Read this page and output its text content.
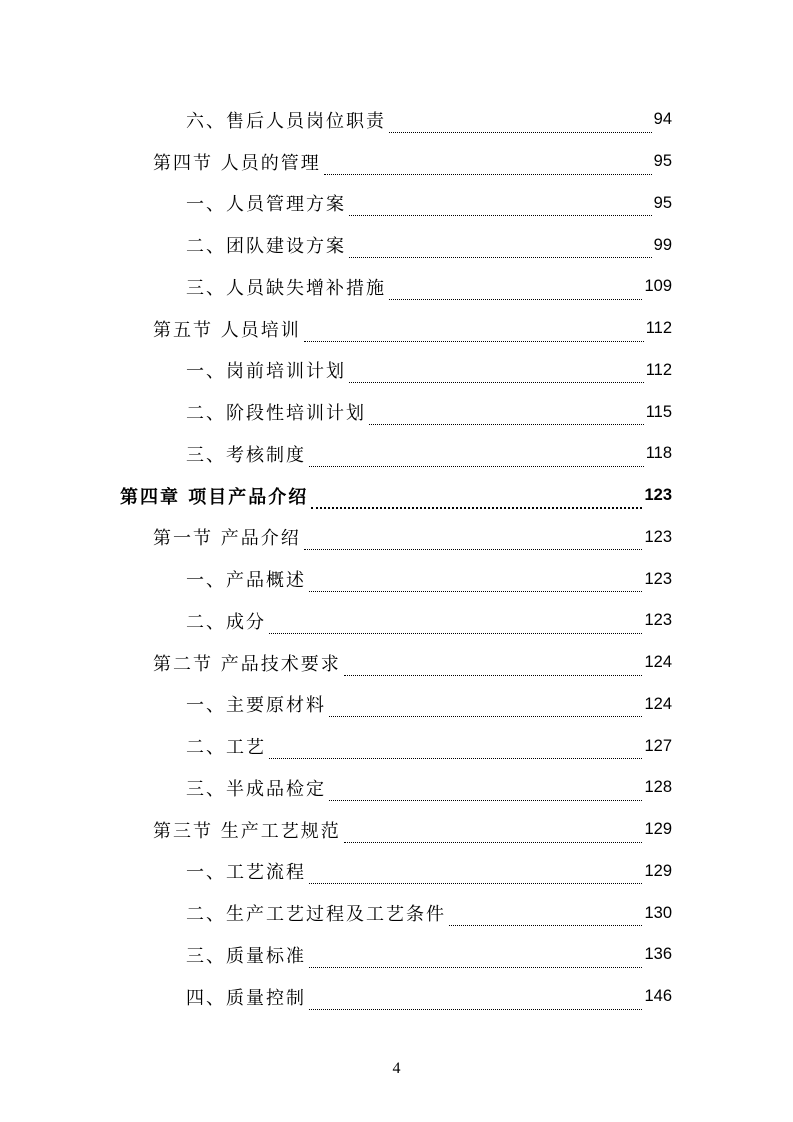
六、售后人员岗位职责	94
第四节 人员的管理	95
一、人员管理方案	95
二、团队建设方案	99
三、人员缺失增补措施	109
第五节 人员培训	112
一、岗前培训计划	112
二、阶段性培训计划	115
三、考核制度	118
第四章 项目产品介绍	123
第一节 产品介绍	123
一、产品概述	123
二、成分	123
第二节 产品技术要求	124
一、主要原材料	124
二、工艺	127
三、半成品检定	128
第三节 生产工艺规范	129
一、工艺流程	129
二、生产工艺过程及工艺条件	130
三、质量标准	136
四、质量控制	146
4
